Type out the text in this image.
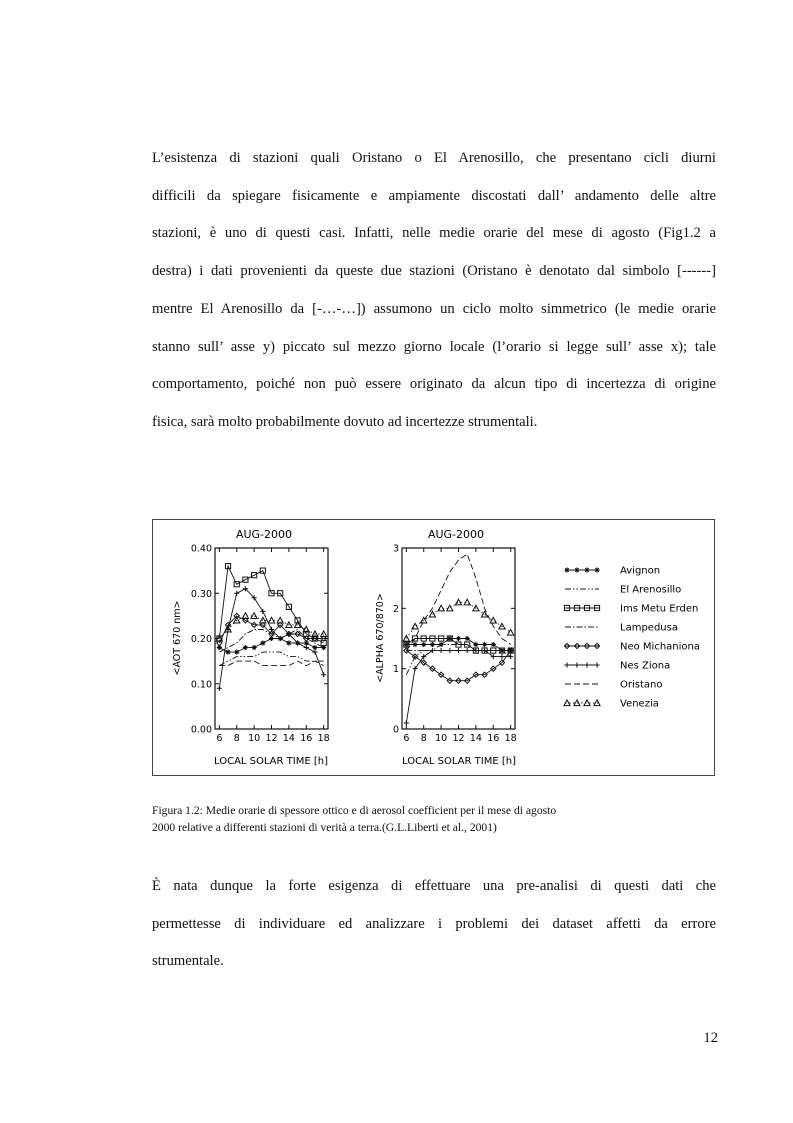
L’esistenza di stazioni quali Oristano o El Arenosillo, che presentano cicli diurni
difficili da spiegare fisicamente e ampiamente discostati dall’ andamento delle altre
stazioni, è uno di questi casi. Infatti, nelle medie orarie del mese di agosto (Fig1.2 a
destra) i dati provenienti da queste due stazioni (Oristano è denotato dal simbolo [------]
mentre El Arenosillo da [-…-…]) assumono un ciclo molto simmetrico (le medie orarie
stanno sull’ asse y) piccato sul mezzo giorno locale (l’orario si legge sull’ asse x); tale
comportamento, poiché non può essere originato da alcun tipo di incertezza di origine
fisica, sarà molto probabilmente dovuto ad incertezze strumentali.

AUG-2000
0.40
0.30
0.20
0.10
0.00
6 8 10 12 14 16 18
LOCAL SOLAR TIME [h]
<AOT 670 nm>
AUG-2000
3
2
1
0
6 8 10 12 14 16 18
LOCAL SOLAR TIME [h]
<ALPHA 670/870>
Avignon
El Arenosillo
Ims Metu Erden
Lampedusa
Neo Michaniona
Nes Ziona
Oristano
Venezia

Figura 1.2: Medie orarie di spessore ottico e di aerosol coefficient per il mese di agosto
2000 relative a differenti stazioni di verità a terra.(G.L.Liberti et al., 2001)

È nata dunque la forte esigenza di effettuare una pre-analisi di questi dati che
permettesse di individuare ed analizzare i problemi dei dataset affetti da errore
strumentale.

12
